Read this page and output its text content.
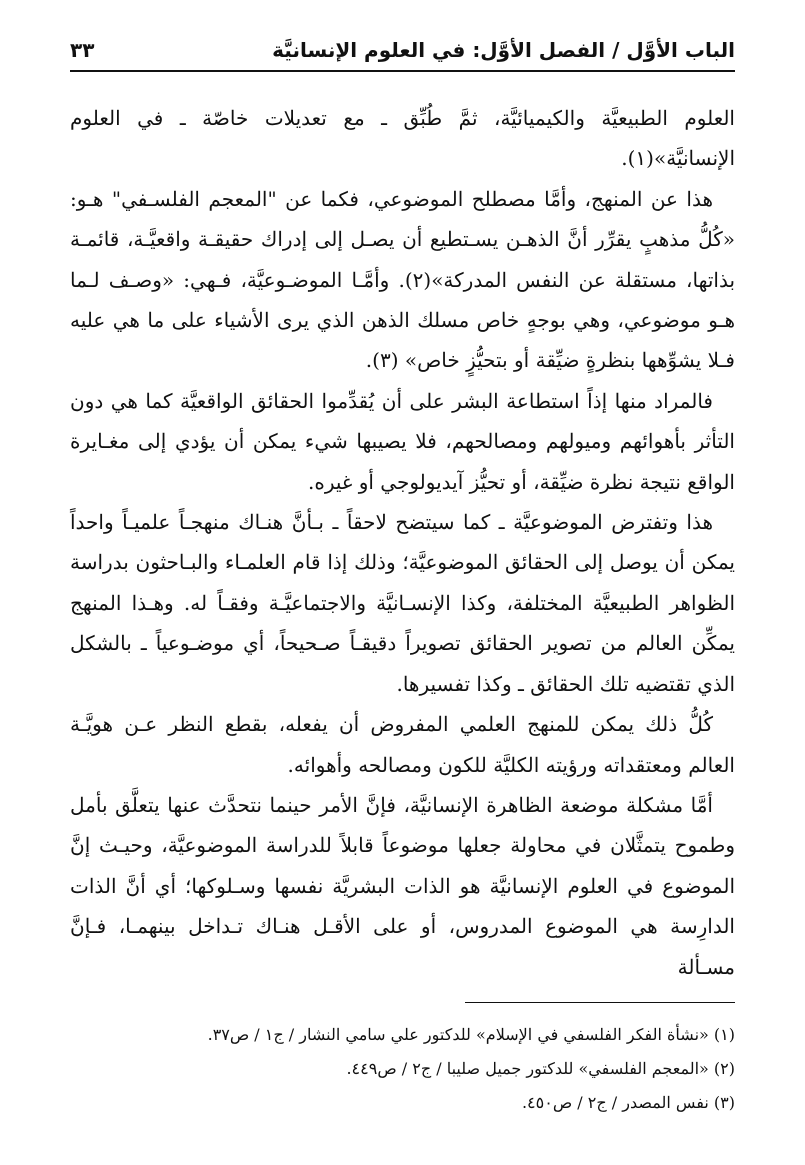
الباب الأوَّل / الفصل الأوَّل: في العلوم الإنسانيَّة
٣٣

العلوم الطبيعيَّة والكيميائيَّة، ثمَّ طُبِّق ـ مع تعديلات خاصّة ـ في العلوم الإنسانيَّة»(١).

هذا عن المنهج، وأمَّا مصطلح الموضوعي، فكما عن "المعجم الفلسـفي" هـو: «كُلُّ مذهبٍ يقرِّر أنَّ الذهـن يسـتطيع أن يصـل إلى إدراك حقيقـة واقعيَّـة، قائمـة بذاتها، مستقلة عن النفس المدركة»(٢). وأمَّـا الموضـوعيَّة، فـهي: «وصـف لـما هـو موضوعي، وهي بوجهٍ خاص مسلك الذهن الذي يرى الأشياء على ما هي عليه فـلا يشوِّهها بنظرةٍ ضيِّقة أو بتحيُّزٍ خاص» (٣).

فالمراد منها إذاً استطاعة البشر على أن يُقدِّموا الحقائق الواقعيَّة كما هي دون التأثر بأهوائهم وميولهم ومصالحهم، فلا يصيبها شيء يمكن أن يؤدي إلى مغـايرة الواقع نتيجة نظرة ضيِّقة، أو تحيُّز آيديولوجي أو غيره.

هذا وتفترض الموضوعيَّة ـ كما سيتضح لاحقاً ـ بـأنَّ هنـاك منهجـاً علميـاً واحداً يمكن أن يوصل إلى الحقائق الموضوعيَّة؛ وذلك إذا قام العلمـاء والبـاحثون بدراسة الظواهر الطبيعيَّة المختلفة، وكذا الإنسـانيَّة والاجتماعيَّـة وفقـاً له. وهـذا المنهج يمكِّن العالم من تصوير الحقائق تصويراً دقيقـاً صـحيحاً، أي موضـوعياً ـ بالشكل الذي تقتضيه تلك الحقائق ـ وكذا تفسيرها.

كُلُّ ذلك يمكن للمنهج العلمي المفروض أن يفعله، بقطع النظر عـن هويَّـة العالم ومعتقداته ورؤيته الكليَّة للكون ومصالحه وأهوائه.

أمَّا مشكلة موضعة الظاهرة الإنسانيَّة، فإنَّ الأمر حينما نتحدَّث عنها يتعلَّق بأمل وطموح يتمثَّلان في محاولة جعلها موضوعاً قابلاً للدراسة الموضوعيَّة، وحيـث إنَّ الموضوع في العلوم الإنسانيَّة هو الذات البشريَّة نفسها وسـلوكها؛ أي أنَّ الذات الدارِسة هي الموضوع المدروس، أو على الأقـل هنـاك تـداخل بينهمـا، فـإنَّ مسـألة

(١) «نشأة الفكر الفلسفي في الإسلام» للدكتور علي سامي النشار / ج١ / ص٣٧.
(٢) «المعجم الفلسفي» للدكتور جميل صليبا / ج٢ / ص٤٤٩.
(٣) نفس المصدر / ج٢ / ص٤٥٠.
